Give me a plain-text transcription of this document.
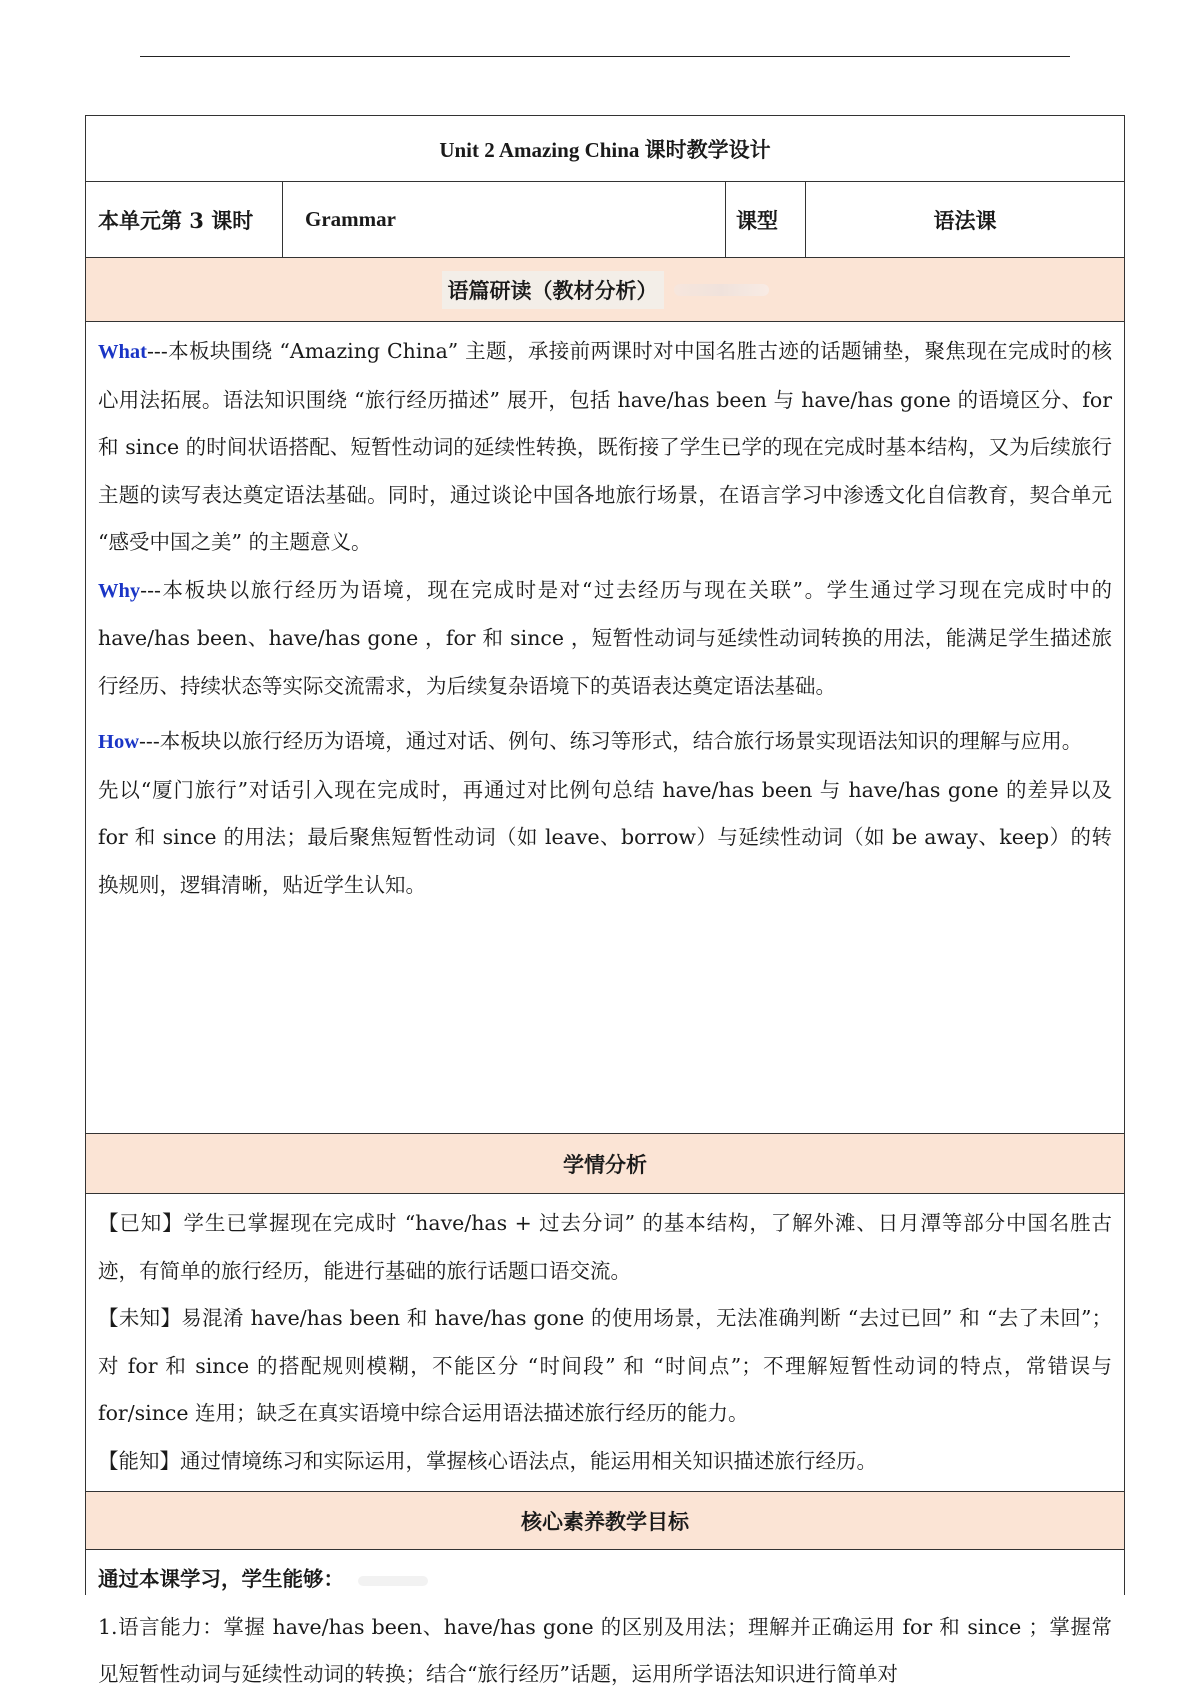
Unit 2 Amazing China 课时教学设计
本单元第 3 课时 Grammar	课型	语法课
语篇研读（教材分析）

What---本板块围绕 “Amazing China” 主题，承接前两课时对中国名胜古迹的话题铺垫，聚焦现在完成时的核心用法拓展。语法知识围绕 “旅行经历描述” 展开，包括 have/has been 与 have/has gone 的语境区分、for 和 since 的时间状语搭配、短暂性动词的延续性转换，既衔接了学生已学的现在完成时基本结构，又为后续旅行主题的读写表达奠定语法基础。同时，通过谈论中国各地旅行场景，在语言学习中渗透文化自信教育，契合单元 “感受中国之美” 的主题意义。

Why---本板块以旅行经历为语境，现在完成时是对“过去经历与现在关联”。学生通过学习现在完成时中的 have/has been、have/has gone ，for 和 since ，短暂性动词与延续性动词转换的用法，能满足学生描述旅行经历、持续状态等实际交流需求，为后续复杂语境下的英语表达奠定语法基础。

How---本板块以旅行经历为语境，通过对话、例句、练习等形式，结合旅行场景实现语法知识的理解与应用。

先以“厦门旅行”对话引入现在完成时，再通过对比例句总结 have/has been 与 have/has gone 的差异以及 for 和 since 的用法；最后聚焦短暂性动词（如 leave、borrow）与延续性动词（如 be away、keep）的转换规则，逻辑清晰，贴近学生认知。

学情分析

【已知】学生已掌握现在完成时 “have/has + 过去分词” 的基本结构，了解外滩、日月潭等部分中国名胜古迹，有简单的旅行经历，能进行基础的旅行话题口语交流。

【未知】易混淆 have/has been 和 have/has gone 的使用场景，无法准确判断 “去过已回” 和 “去了未回”；对 for 和 since 的搭配规则模糊，不能区分 “时间段” 和 “时间点”；不理解短暂性动词的特点，常错误与 for/since 连用；缺乏在真实语境中综合运用语法描述旅行经历的能力。

【能知】通过情境练习和实际运用，掌握核心语法点，能运用相关知识描述旅行经历。

核心素养教学目标

通过本课学习，学生能够：

1.语言能力：掌握 have/has been、have/has gone 的区别及用法；理解并正确运用 for 和 since ；掌握常见短暂性动词与延续性动词的转换；结合“旅行经历”话题，运用所学语法知识进行简单对
